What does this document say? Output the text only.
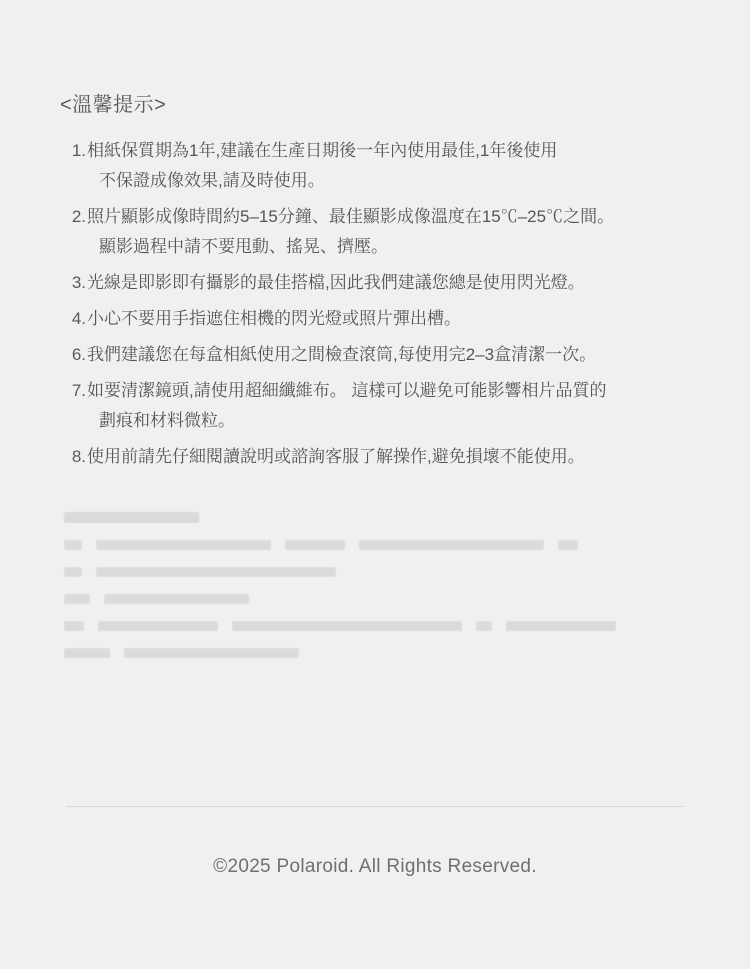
<溫馨提示>
1. 相紙保質期為1年,建議在生產日期後一年內使用最佳,1年後使用
不保證成像效果,請及時使用。
2. 照片顯影成像時間約5–15分鐘、最佳顯影成像溫度在15℃–25℃之間。
顯影過程中請不要甩動、搖晃、擠壓。
3. 光線是即影即有攝影的最佳搭檔,因此我們建議您總是使用閃光燈。
4. 小心不要用手指遮住相機的閃光燈或照片彈出槽。
6. 我們建議您在每盒相紙使用之間檢查滾筒,每使用完2–3盒清潔一次。
7. 如要清潔鏡頭,請使用超細纖維布。 這樣可以避免可能影響相片品質的
劃痕和材料微粒。
8. 使用前請先仔細閱讀說明或諮詢客服了解操作,避免損壞不能使用。
©2025 Polaroid. All Rights Reserved.
